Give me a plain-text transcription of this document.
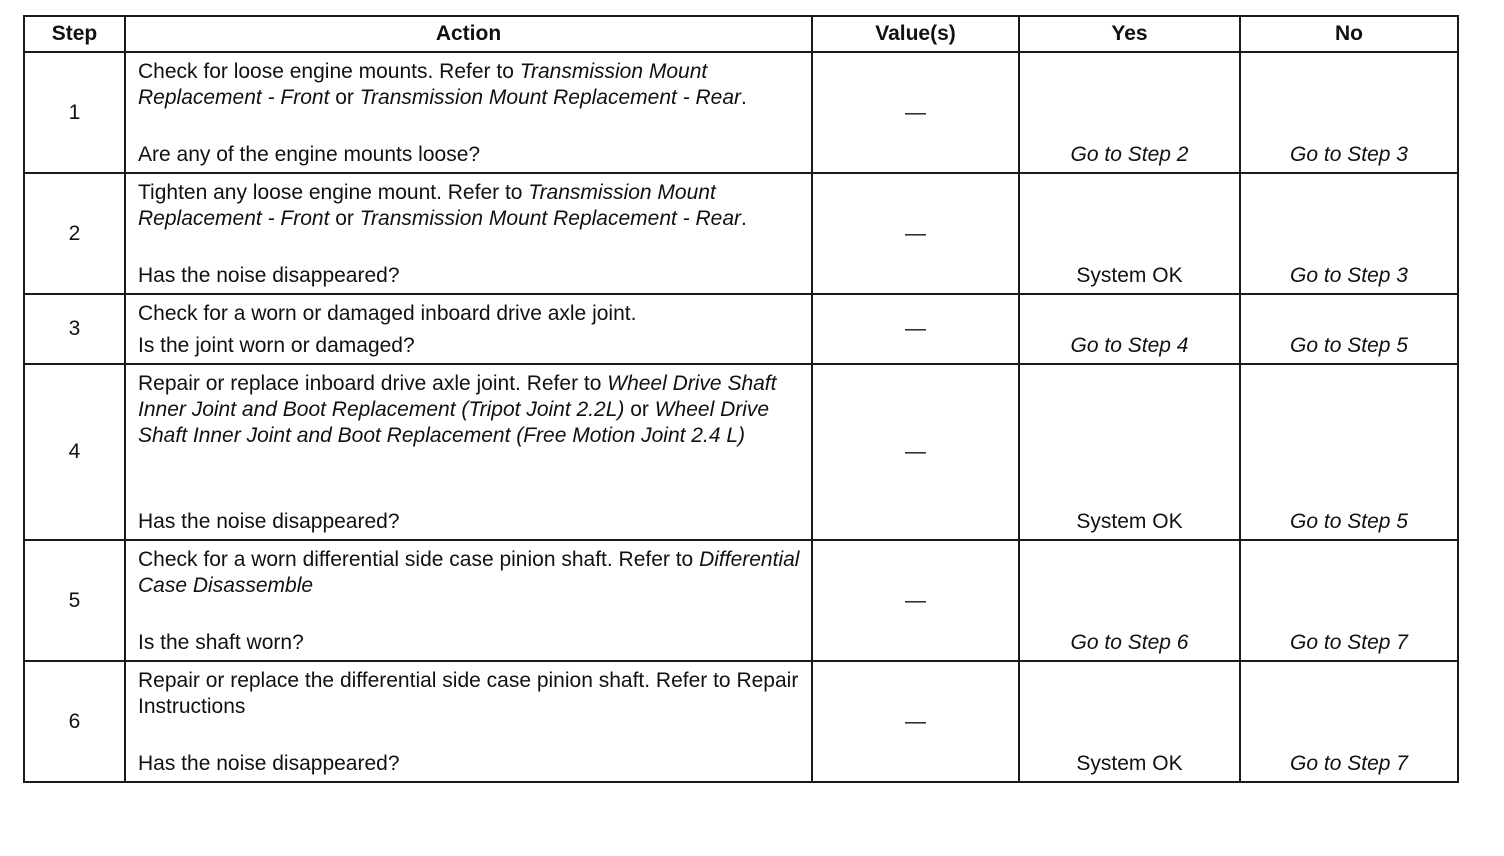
Step	Action	Value(s)	Yes	No
1	Check for loose engine mounts. Refer to Transmission Mount Replacement - Front or Transmission Mount Replacement - Rear.
Are any of the engine mounts loose?	—	Go to Step 2	Go to Step 3
2	Tighten any loose engine mount. Refer to Transmission Mount Replacement - Front or Transmission Mount Replacement - Rear.
Has the noise disappeared?	—	System OK	Go to Step 3
3	Check for a worn or damaged inboard drive axle joint.
Is the joint worn or damaged?	—	Go to Step 4	Go to Step 5
4	Repair or replace inboard drive axle joint. Refer to Wheel Drive Shaft Inner Joint and Boot Replacement (Tripot Joint 2.2L) or Wheel Drive Shaft Inner Joint and Boot Replacement (Free Motion Joint 2.4 L)
Has the noise disappeared?	—	System OK	Go to Step 5
5	Check for a worn differential side case pinion shaft. Refer to Differential Case Disassemble
Is the shaft worn?	—	Go to Step 6	Go to Step 7
6	Repair or replace the differential side case pinion shaft. Refer to Repair Instructions
Has the noise disappeared?	—	System OK	Go to Step 7
